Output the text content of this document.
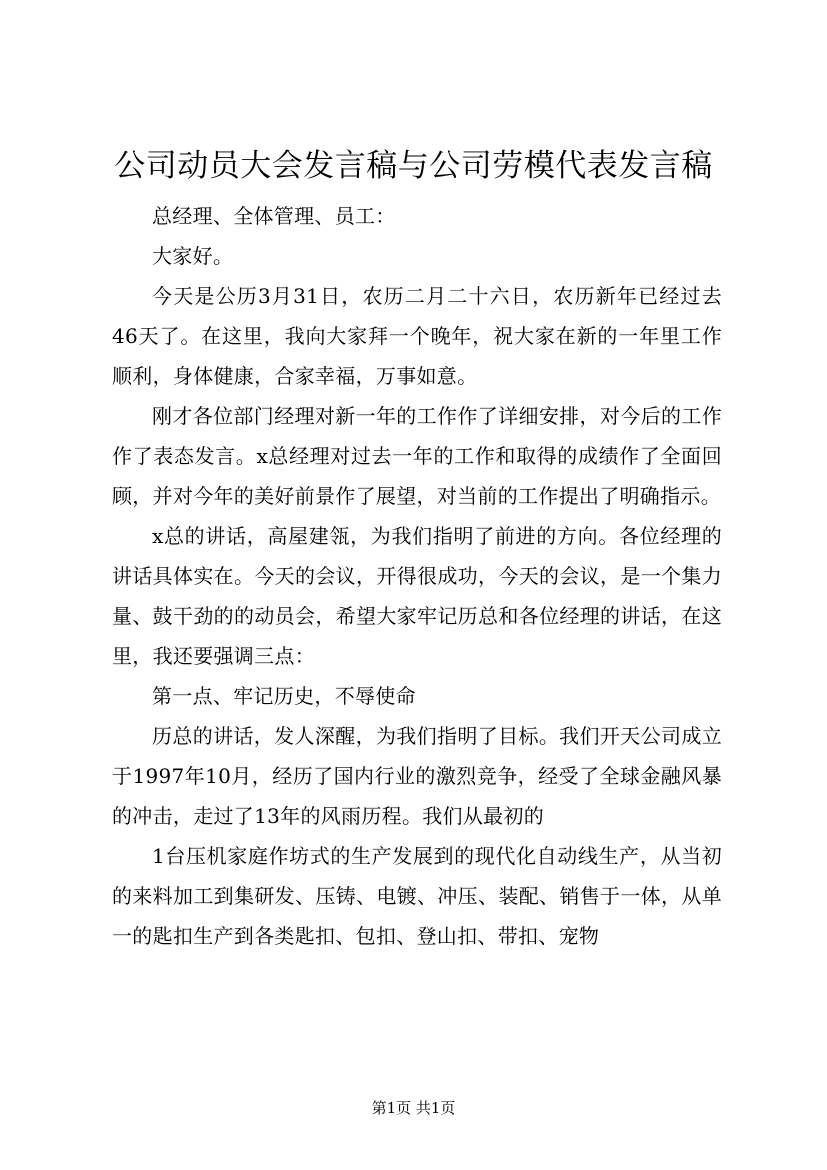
公司动员大会发言稿与公司劳模代表发言稿

总经理、全体管理、员工：

大家好。

今天是公历3月31日，农历二月二十六日，农历新年已经过去46天了。在这里，我向大家拜一个晚年，祝大家在新的一年里工作顺利，身体健康，合家幸福，万事如意。

刚才各位部门经理对新一年的工作作了详细安排，对今后的工作作了表态发言。x总经理对过去一年的工作和取得的成绩作了全面回顾，并对今年的美好前景作了展望，对当前的工作提出了明确指示。

x总的讲话，高屋建瓴，为我们指明了前进的方向。各位经理的讲话具体实在。今天的会议，开得很成功，今天的会议，是一个集力量、鼓干劲的的动员会，希望大家牢记历总和各位经理的讲话，在这里，我还要强调三点：

第一点、牢记历史，不辱使命

历总的讲话，发人深醒，为我们指明了目标。我们开天公司成立于1997年10月，经历了国内行业的激烈竞争，经受了全球金融风暴的冲击，走过了13年的风雨历程。我们从最初的

1台压机家庭作坊式的生产发展到的现代化自动线生产，从当初的来料加工到集研发、压铸、电镀、冲压、装配、销售于一体，从单一的匙扣生产到各类匙扣、包扣、登山扣、带扣、宠物

第1页 共1页
